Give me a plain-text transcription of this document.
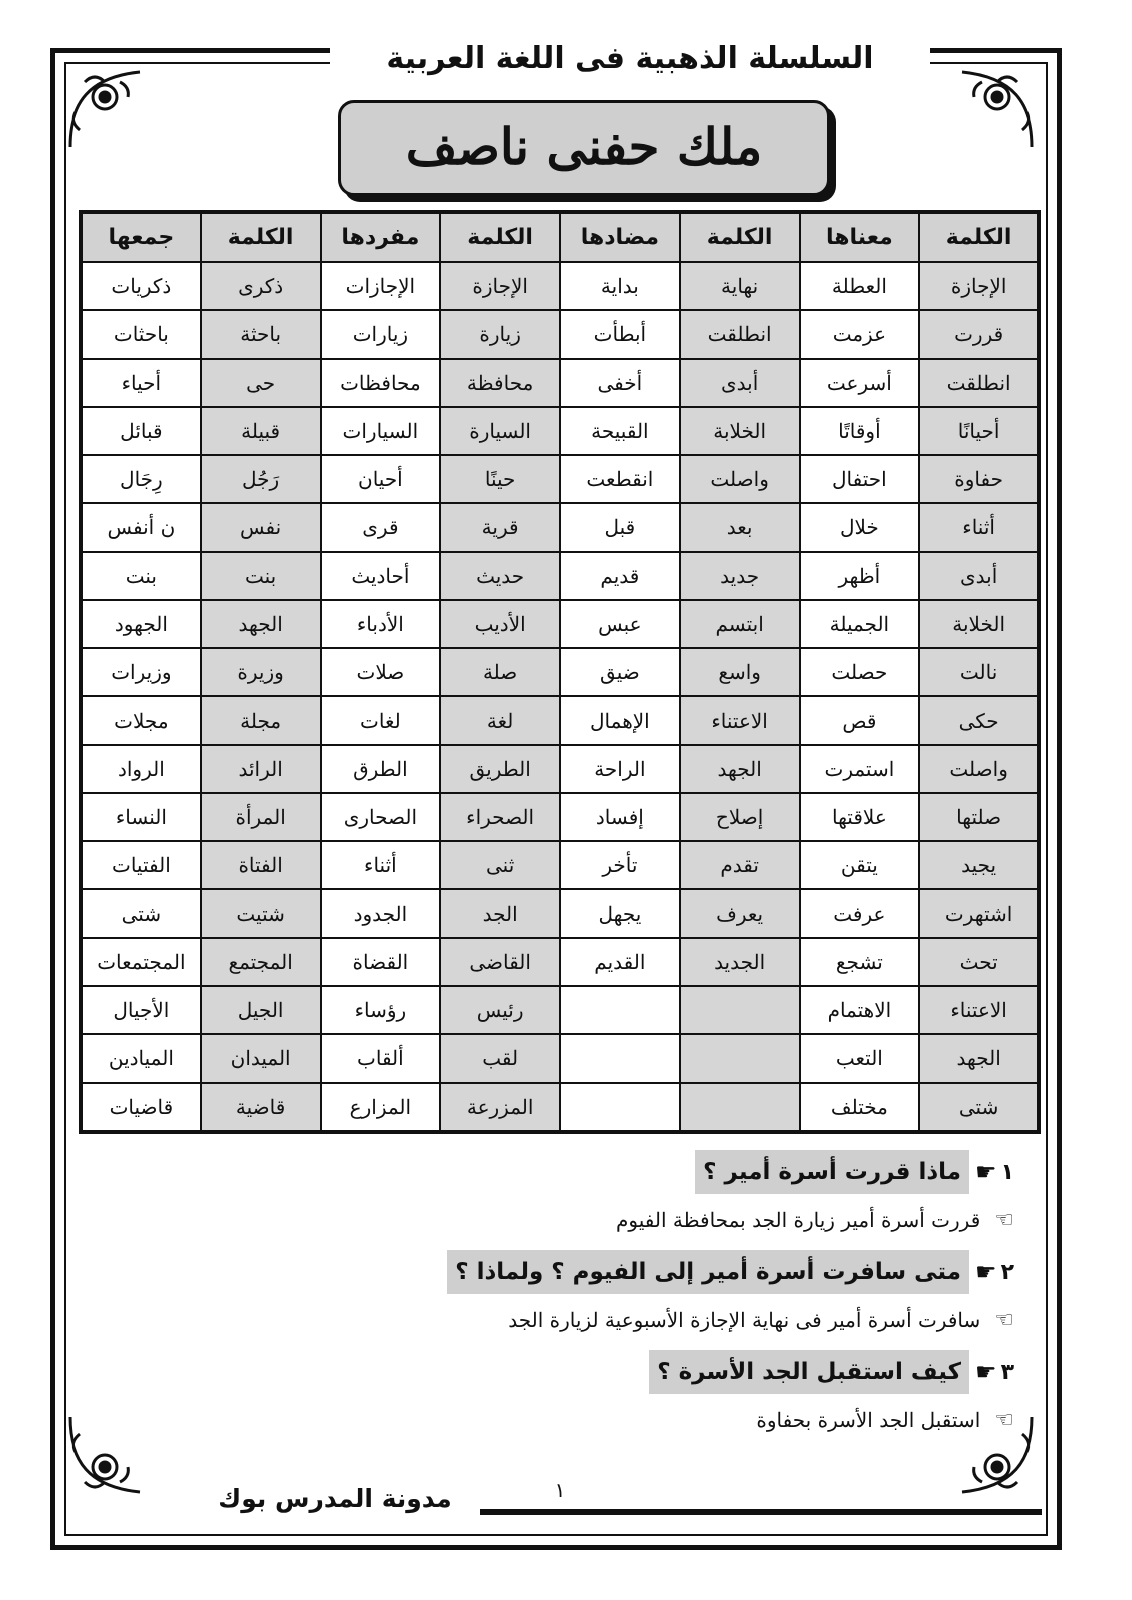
السلسلة الذهبية فى اللغة العربية
ملك حفنى ناصف
الكلمة	معناها	الكلمة	مضادها	الكلمة	مفردها	الكلمة	جمعها
الإجازة	العطلة	نهاية	بداية	الإجازة	الإجازات	ذكرى	ذكريات
قررت	عزمت	انطلقت	أبطأت	زيارة	زيارات	باحثة	باحثات
انطلقت	أسرعت	أبدى	أخفى	محافظة	محافظات	حى	أحياء
أحيانًا	أوقاتًا	الخلابة	القبيحة	السيارة	السيارات	قبيلة	قبائل
حفاوة	احتفال	واصلت	انقطعت	حينًا	أحيان	رَجُل	رِجَال
أثناء	خلال	بعد	قبل	قرية	قرى	نفس	ن أنفس
أبدى	أظهر	جديد	قديم	حديث	أحاديث	بنت	بنت
الخلابة	الجميلة	ابتسم	عبس	الأديب	الأدباء	الجهد	الجهود
نالت	حصلت	واسع	ضيق	صلة	صلات	وزيرة	وزيرات
حكى	قص	الاعتناء	الإهمال	لغة	لغات	مجلة	مجلات
واصلت	استمرت	الجهد	الراحة	الطريق	الطرق	الرائد	الرواد
صلتها	علاقتها	إصلاح	إفساد	الصحراء	الصحارى	المرأة	النساء
يجيد	يتقن	تقدم	تأخر	ثنى	أثناء	الفتاة	الفتيات
اشتهرت	عرفت	يعرف	يجهل	الجد	الجدود	شتيت	شتى
تحث	تشجع	الجديد	القديم	القاضى	القضاة	المجتمع	المجتمعات
الاعتناء	الاهتمام			رئيس	رؤساء	الجيل	الأجيال
الجهد	التعب			لقب	ألقاب	الميدان	الميادين
شتى	مختلف			المزرعة	المزارع	قاضية	قاضيات
١
☛
ماذا قررت أسرة أمير ؟
☜
قررت أسرة أمير زيارة الجد بمحافظة الفيوم
٢
☛
متى سافرت أسرة أمير إلى الفيوم ؟ ولماذا ؟
☜
سافرت أسرة أمير فى نهاية الإجازة الأسبوعية لزيارة الجد
٣
☛
كيف استقبل الجد الأسرة ؟
☜
استقبل الجد الأسرة بحفاوة
مدونة المدرس بوك	١
